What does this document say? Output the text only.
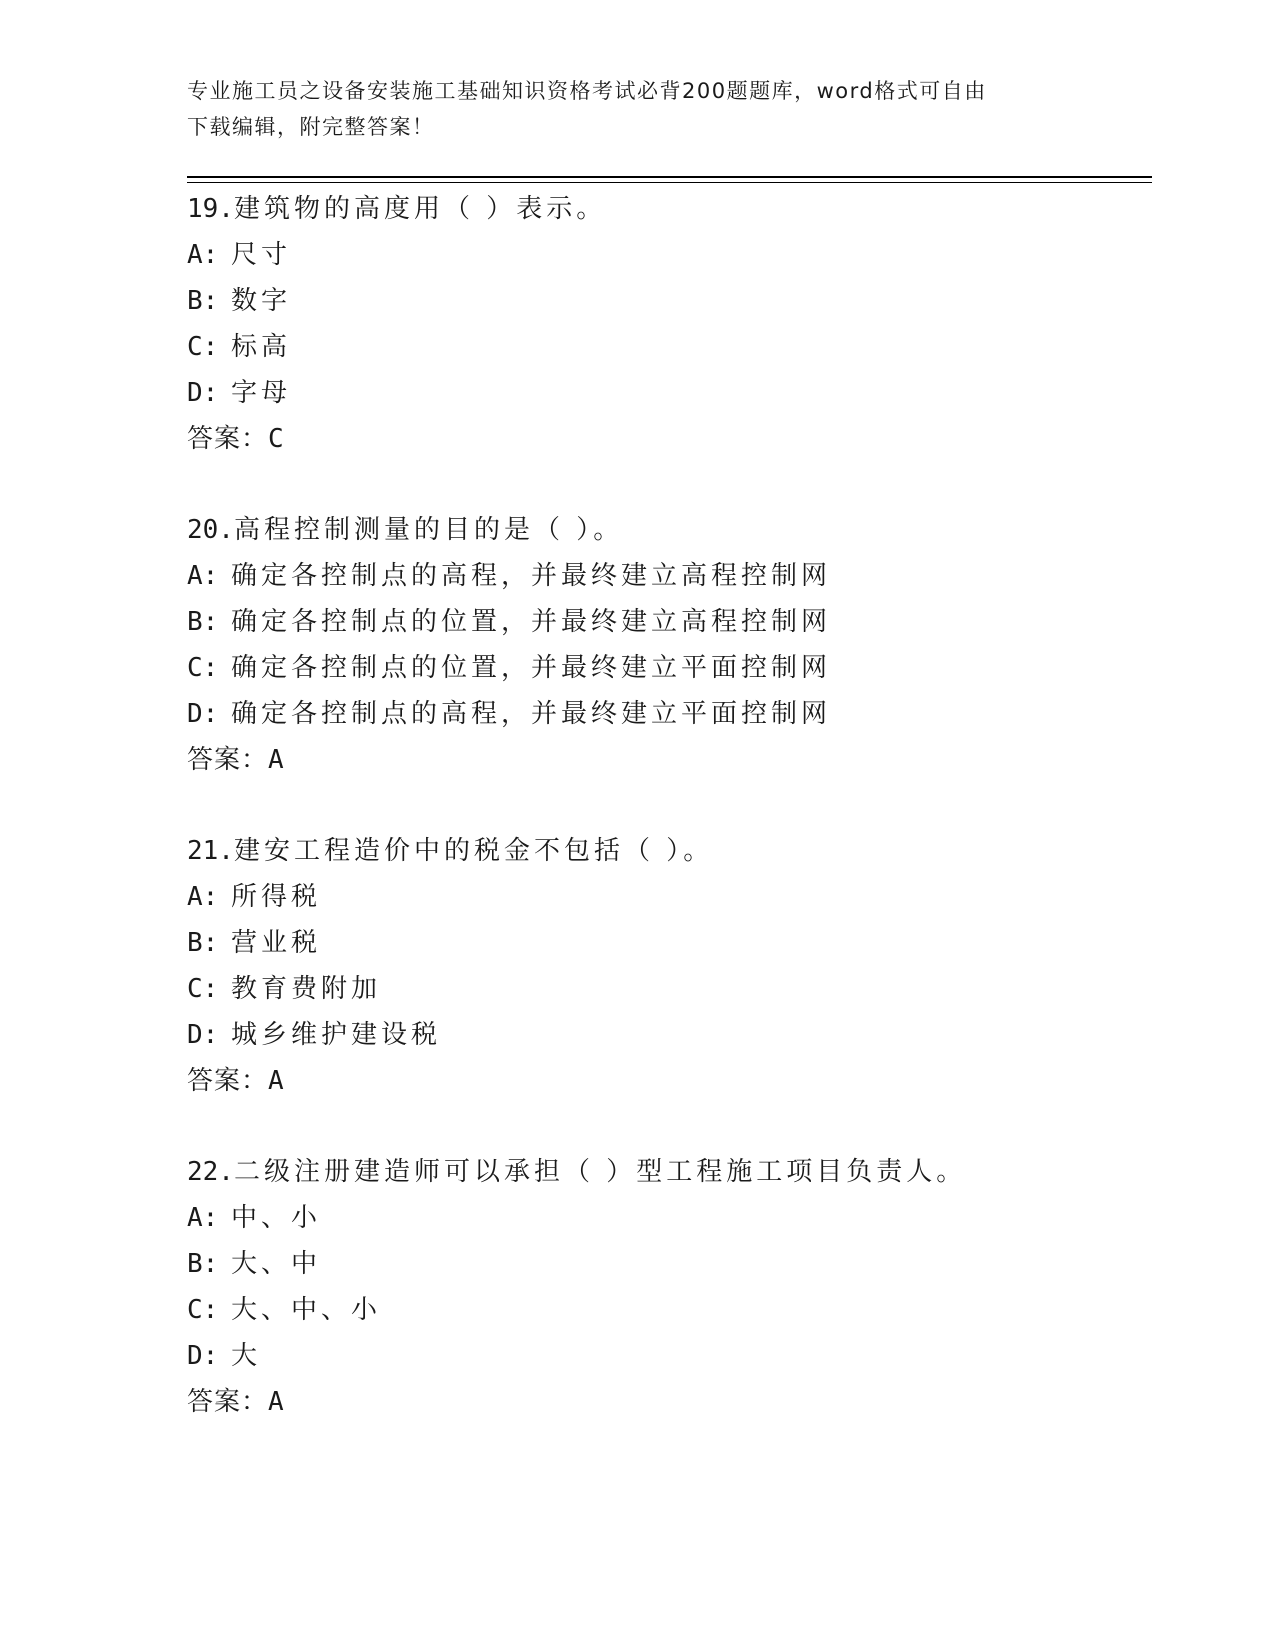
专业施工员之设备安装施工基础知识资格考试必背200题题库，word格式可自由
下载编辑，附完整答案！
19.建筑物的高度用（ ）表示。
A: 尺寸
B: 数字
C: 标高
D: 字母
答案：C
20.高程控制测量的目的是（ ）。
A: 确定各控制点的高程，并最终建立高程控制网
B: 确定各控制点的位置，并最终建立高程控制网
C: 确定各控制点的位置，并最终建立平面控制网
D: 确定各控制点的高程，并最终建立平面控制网
答案：A
21.建安工程造价中的税金不包括（ ）。
A: 所得税
B: 营业税
C: 教育费附加
D: 城乡维护建设税
答案：A
22.二级注册建造师可以承担（ ）型工程施工项目负责人。
A: 中、小
B: 大、中
C: 大、中、小
D: 大
答案：A
